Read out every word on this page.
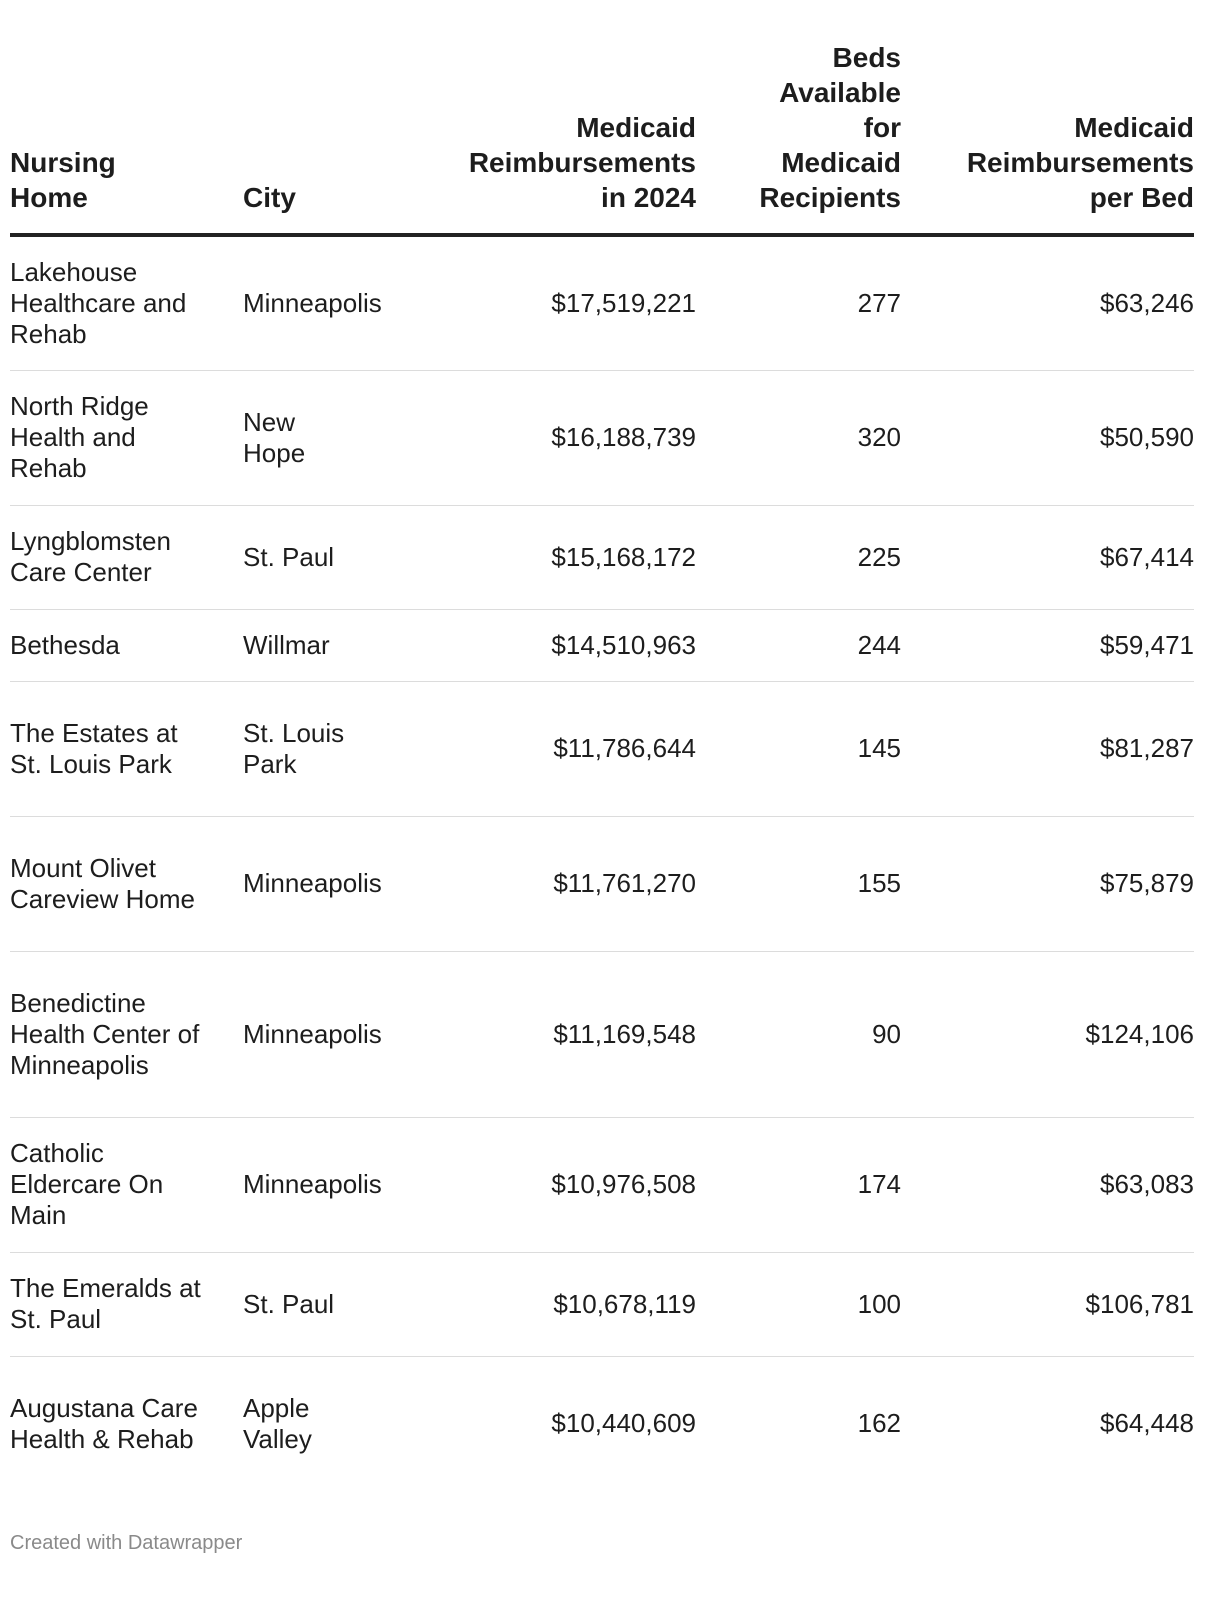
Nursing Home	City	Medicaid Reimbursements in 2024	Beds Available for Medicaid Recipients	Medicaid Reimbursements per Bed
Lakehouse Healthcare and Rehab	Minneapolis	$17,519,221	277	$63,246
North Ridge Health and Rehab	New Hope	$16,188,739	320	$50,590
Lyngblomsten Care Center	St. Paul	$15,168,172	225	$67,414
Bethesda	Willmar	$14,510,963	244	$59,471
The Estates at St. Louis Park	St. Louis Park	$11,786,644	145	$81,287
Mount Olivet Careview Home	Minneapolis	$11,761,270	155	$75,879
Benedictine Health Center of Minneapolis	Minneapolis	$11,169,548	90	$124,106
Catholic Eldercare On Main	Minneapolis	$10,976,508	174	$63,083
The Emeralds at St. Paul	St. Paul	$10,678,119	100	$106,781
Augustana Care Health & Rehab	Apple Valley	$10,440,609	162	$64,448
Created with Datawrapper
